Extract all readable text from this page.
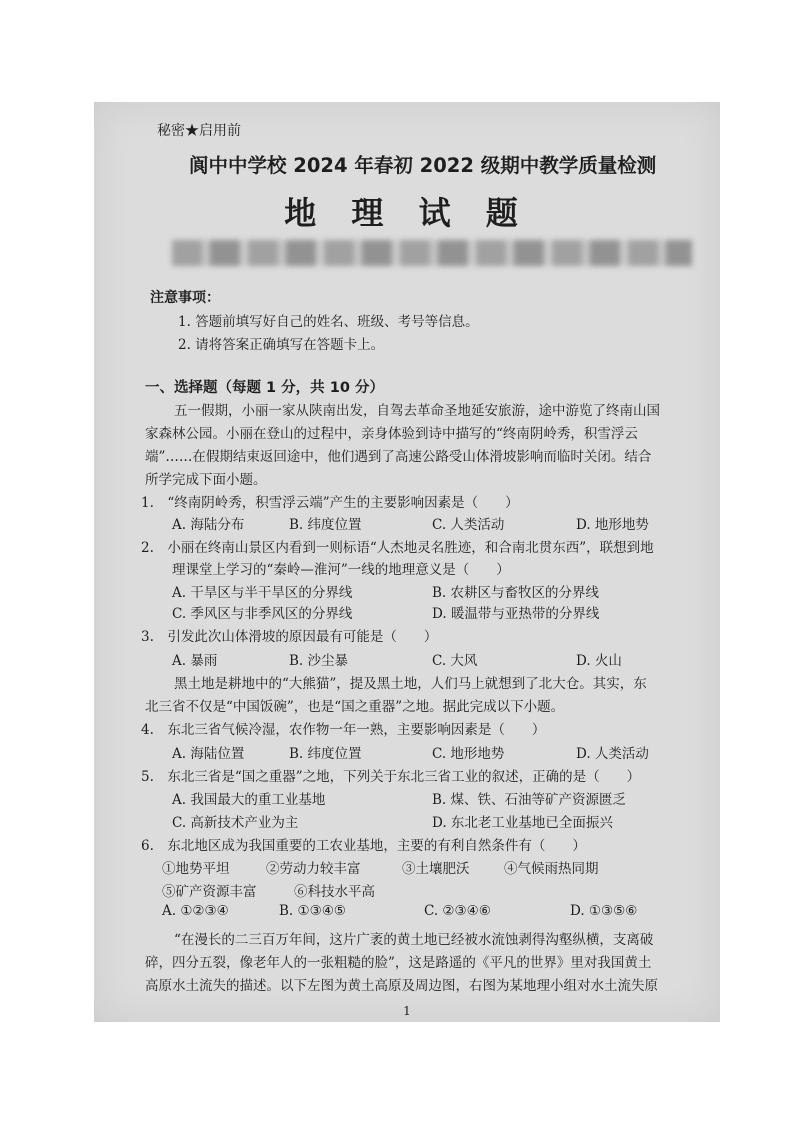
秘密★启用前
阆中中学校 2024 年春初 2022 级期中教学质量检测
地 理 试 题
注意事项：
1. 答题前填写好自己的姓名、班级、考号等信息。
2. 请将答案正确填写在答题卡上。
一、选择题（每题 1 分，共 10 分）
五一假期，小丽一家从陕南出发，自驾去革命圣地延安旅游，途中游览了终南山国
家森林公园。小丽在登山的过程中，亲身体验到诗中描写的“终南阴岭秀，积雪浮云
端”……在假期结束返回途中，他们遇到了高速公路受山体滑坡影响而临时关闭。结合
所学完成下面小题。
1.　“终南阴岭秀，积雪浮云端”产生的主要影响因素是（　　）
A. 海陆分布	B. 纬度位置	C. 人类活动	D. 地形地势
2.　小丽在终南山景区内看到一则标语“人杰地灵名胜迹，和合南北贯东西”，联想到地
理课堂上学习的“秦岭—淮河”一线的地理意义是（　　）
A. 干旱区与半干旱区的分界线	B. 农耕区与畜牧区的分界线
C. 季风区与非季风区的分界线	D. 暖温带与亚热带的分界线
3.　引发此次山体滑坡的原因最有可能是（　　）
A. 暴雨	B. 沙尘暴	C. 大风	D. 火山
黑土地是耕地中的“大熊猫”，提及黑土地，人们马上就想到了北大仓。其实，东
北三省不仅是“中国饭碗”，也是“国之重器”之地。据此完成以下小题。
4.　东北三省气候冷湿，农作物一年一熟，主要影响因素是（　　）
A. 海陆位置	B. 纬度位置	C. 地形地势	D. 人类活动
5.　东北三省是“国之重器”之地，下列关于东北三省工业的叙述，正确的是（　　）
A. 我国最大的重工业基地	B. 煤、铁、石油等矿产资源匮乏
C. 高新技术产业为主	D. 东北老工业基地已全面振兴
6.　东北地区成为我国重要的工农业基地，主要的有利自然条件有（　　）
①地势平坦	②劳动力较丰富	③土壤肥沃	④气候雨热同期
⑤矿产资源丰富	⑥科技水平高
A. ①②③④	B. ①③④⑤	C. ②③④⑥	D. ①③⑤⑥
“在漫长的二三百万年间，这片广袤的黄土地已经被水流蚀剥得沟壑纵横，支离破
碎，四分五裂，像老年人的一张粗糙的脸”，这是路遥的《平凡的世界》里对我国黄土
高原水土流失的描述。以下左图为黄土高原及周边图，右图为某地理小组对水土流失原
1
